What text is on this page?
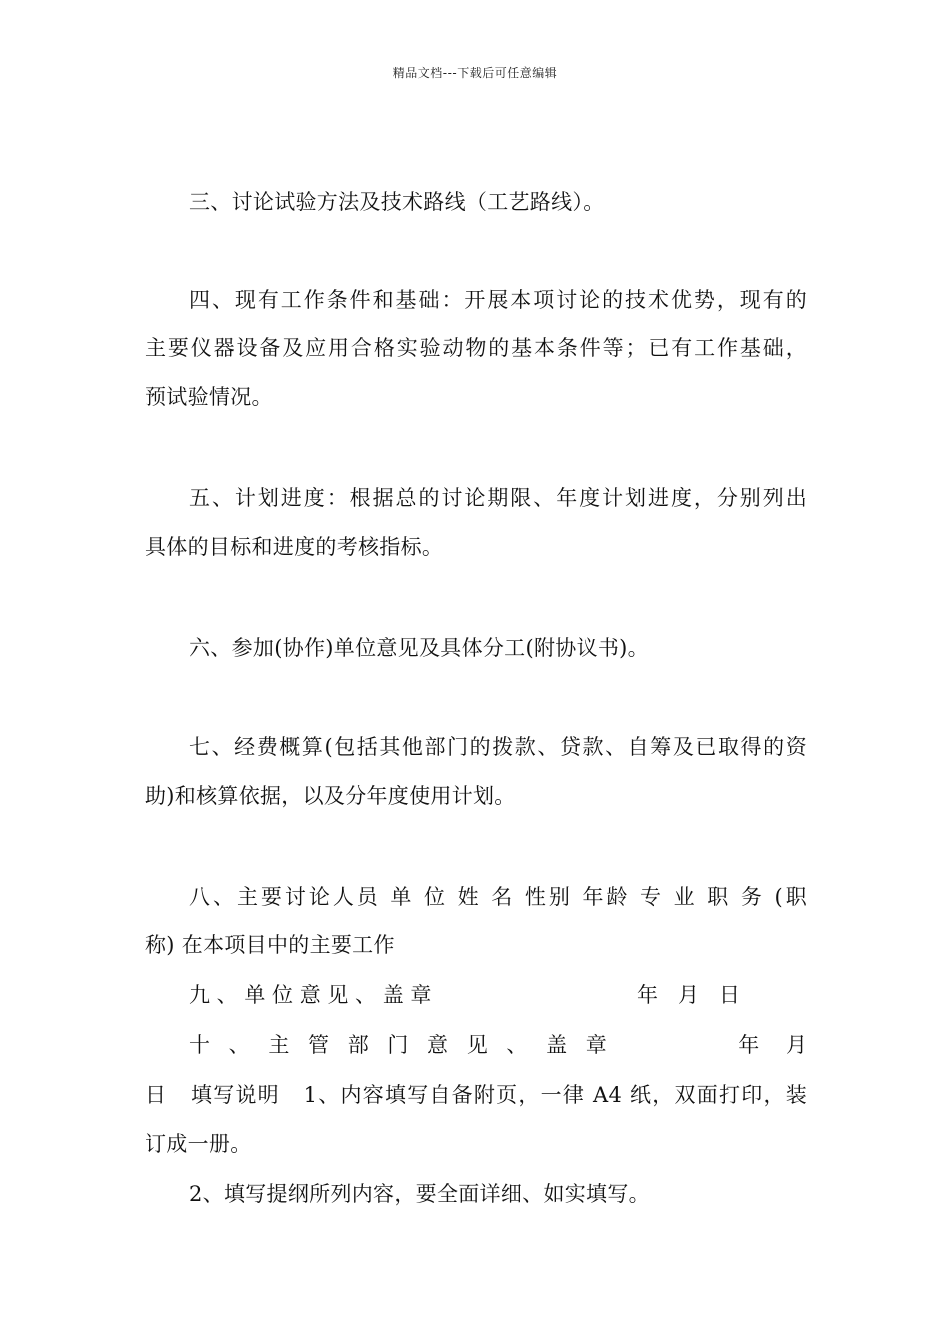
精品文档---下载后可任意编辑

三、讨论试验方法及技术路线（工艺路线）。

四、现有工作条件和基础：开展本项讨论的技术优势，现有的

主要仪器设备及应用合格实验动物的基本条件等；已有工作基础，

预试验情况。

五、计划进度：根据总的讨论期限、年度计划进度，分别列出

具体的目标和进度的考核指标。

六、参加(协作)单位意见及具体分工(附协议书)。

七、经费概算(包括其他部门的拨款、贷款、自筹及已取得的资

助)和核算依据，以及分年度使用计划。

八、主要讨论人员 单 位 姓 名 性别 年龄 专 业 职 务 (职

称) 在本项目中的主要工作

九 、 单 位 意 见 、 盖 章	年   月   日
十 、 主 管 部 门 意 见 、 盖 章	年    月

日   填写说明   1、内容填写自备附页，一律 A4 纸，双面打印，装

订成一册。

2、填写提纲所列内容，要全面详细、如实填写。
